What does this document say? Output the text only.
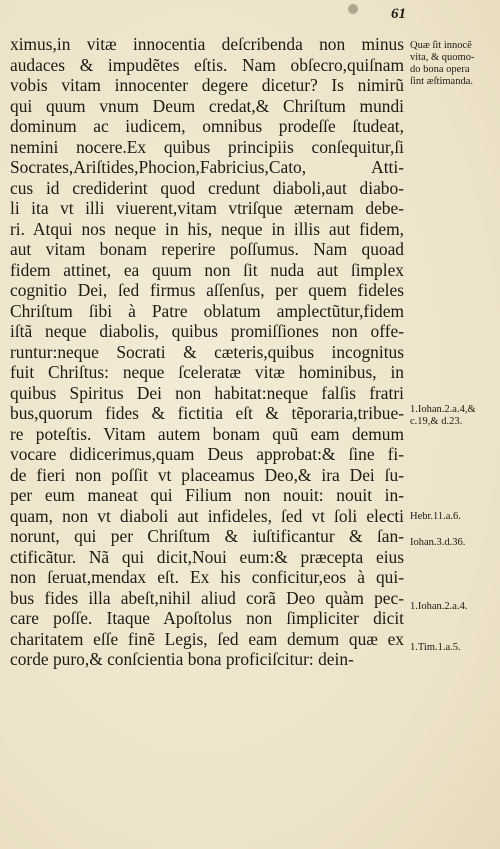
61
ximus,in vitæ innocentia deſcribenda non minus
audaces & impudẽtes eſtis. Nam obſecro,quiſnam
vobis vitam innocenter degere dicetur? Is nimirũ
qui quum vnum Deum credat,& Chriſtum mundi
dominum ac iudicem, omnibus prodeſſe ſtudeat,
nemini nocere.Ex quibus principiis conſequitur,ſi
Socrates,Ariſtides,Phocion,Fabricius,Cato, Atti-
cus id crediderint quod credunt diaboli,aut diabo-
li ita vt illi viuerent,vitam vtriſque æternam debe-
ri. Atqui nos neque in his, neque in illis aut fidem,
aut vitam bonam reperire poſſumus. Nam quoad
fidem attinet, ea quum non ſit nuda aut ſimplex
cognitio Dei, ſed firmus aſſenſus, per quem fideles
Chriſtum ſibi à Patre oblatum amplectũtur,fidem
iſtã neque diabolis, quibus promiſſiones non offe-
runtur:neque Socrati & cæteris,quibus incognitus
fuit Chriſtus: neque ſceleratæ vitæ hominibus, in
quibus Spiritus Dei non habitat:neque falſis fratri
bus,quorum fides & fictitia eſt & tẽporaria,tribue-
re poteſtis. Vitam autem bonam quũ eam demum
vocare didicerimus,quam Deus approbat:& ſine fi-
de fieri non poſſit vt placeamus Deo,& ira Dei ſu-
per eum maneat qui Filium non nouit: nouit in-
quam, non vt diaboli aut infideles, ſed vt ſoli electi
norunt, qui per Chriſtum & iuſtificantur & ſan-
ctificãtur. Nã qui dicit,Noui eum:& præcepta eius
non ſeruat,mendax eſt. Ex his conficitur,eos à qui-
bus fides illa abeſt,nihil aliud corã Deo quàm pec-
care poſſe. Itaque Apoſtolus non ſimpliciter dicit
charitatem eſſe finẽ Legis, ſed eam demum quæ ex
corde puro,& conſcientia bona proficiſcitur: dein-
Quæ ſit innocẽ
vita, & quomo-
do bona opera
ſint æſtimanda.
1.Iohan.2.a.4,&
c.19,& d.23.
Hebr.11.a.6.
Iohan.3.d.36.
1.Iohan.2.a.4.
1.Tim.1.a.5.
